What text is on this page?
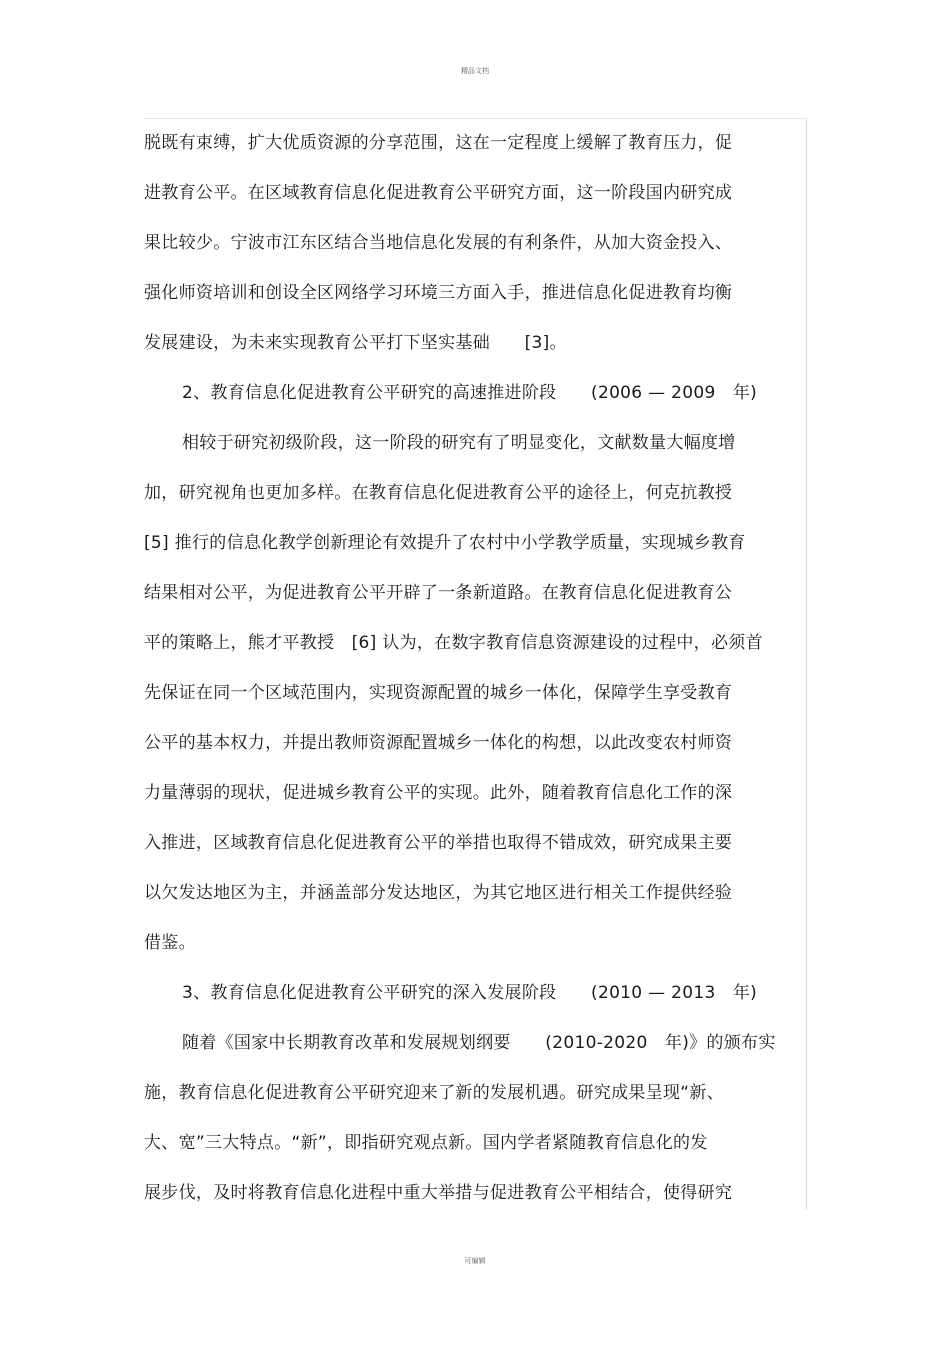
精品文档
脱既有束缚，扩大优质资源的分享范围，这在一定程度上缓解了教育压力，促
进教育公平。在区域教育信息化促进教育公平研究方面，这一阶段国内研究成
果比较少。宁波市江东区结合当地信息化发展的有利条件，从加大资金投入、
强化师资培训和创设全区网络学习环境三方面入手，推进信息化促进教育均衡
发展建设，为未来实现教育公平打下坚实基础　　[3]。
2、教育信息化促进教育公平研究的高速推进阶段　　(2006 — 2009　年)
相较于研究初级阶段，这一阶段的研究有了明显变化，文献数量大幅度增
加，研究视角也更加多样。在教育信息化促进教育公平的途径上，何克抗教授
[5] 推行的信息化教学创新理论有效提升了农村中小学教学质量，实现城乡教育
结果相对公平，为促进教育公平开辟了一条新道路。在教育信息化促进教育公
平的策略上，熊才平教授　[6] 认为，在数字教育信息资源建设的过程中，必须首
先保证在同一个区域范围内，实现资源配置的城乡一体化，保障学生享受教育
公平的基本权力，并提出教师资源配置城乡一体化的构想，以此改变农村师资
力量薄弱的现状，促进城乡教育公平的实现。此外，随着教育信息化工作的深
入推进，区域教育信息化促进教育公平的举措也取得不错成效，研究成果主要
以欠发达地区为主，并涵盖部分发达地区，为其它地区进行相关工作提供经验
借鉴。
3、教育信息化促进教育公平研究的深入发展阶段　　(2010 — 2013　年)
随着《国家中长期教育改革和发展规划纲要　　(2010-2020　年)》的颁布实
施，教育信息化促进教育公平研究迎来了新的发展机遇。研究成果呈现“新、
大、宽”三大特点。“新”，即指研究观点新。国内学者紧随教育信息化的发
展步伐，及时将教育信息化进程中重大举措与促进教育公平相结合，使得研究
可编辑
